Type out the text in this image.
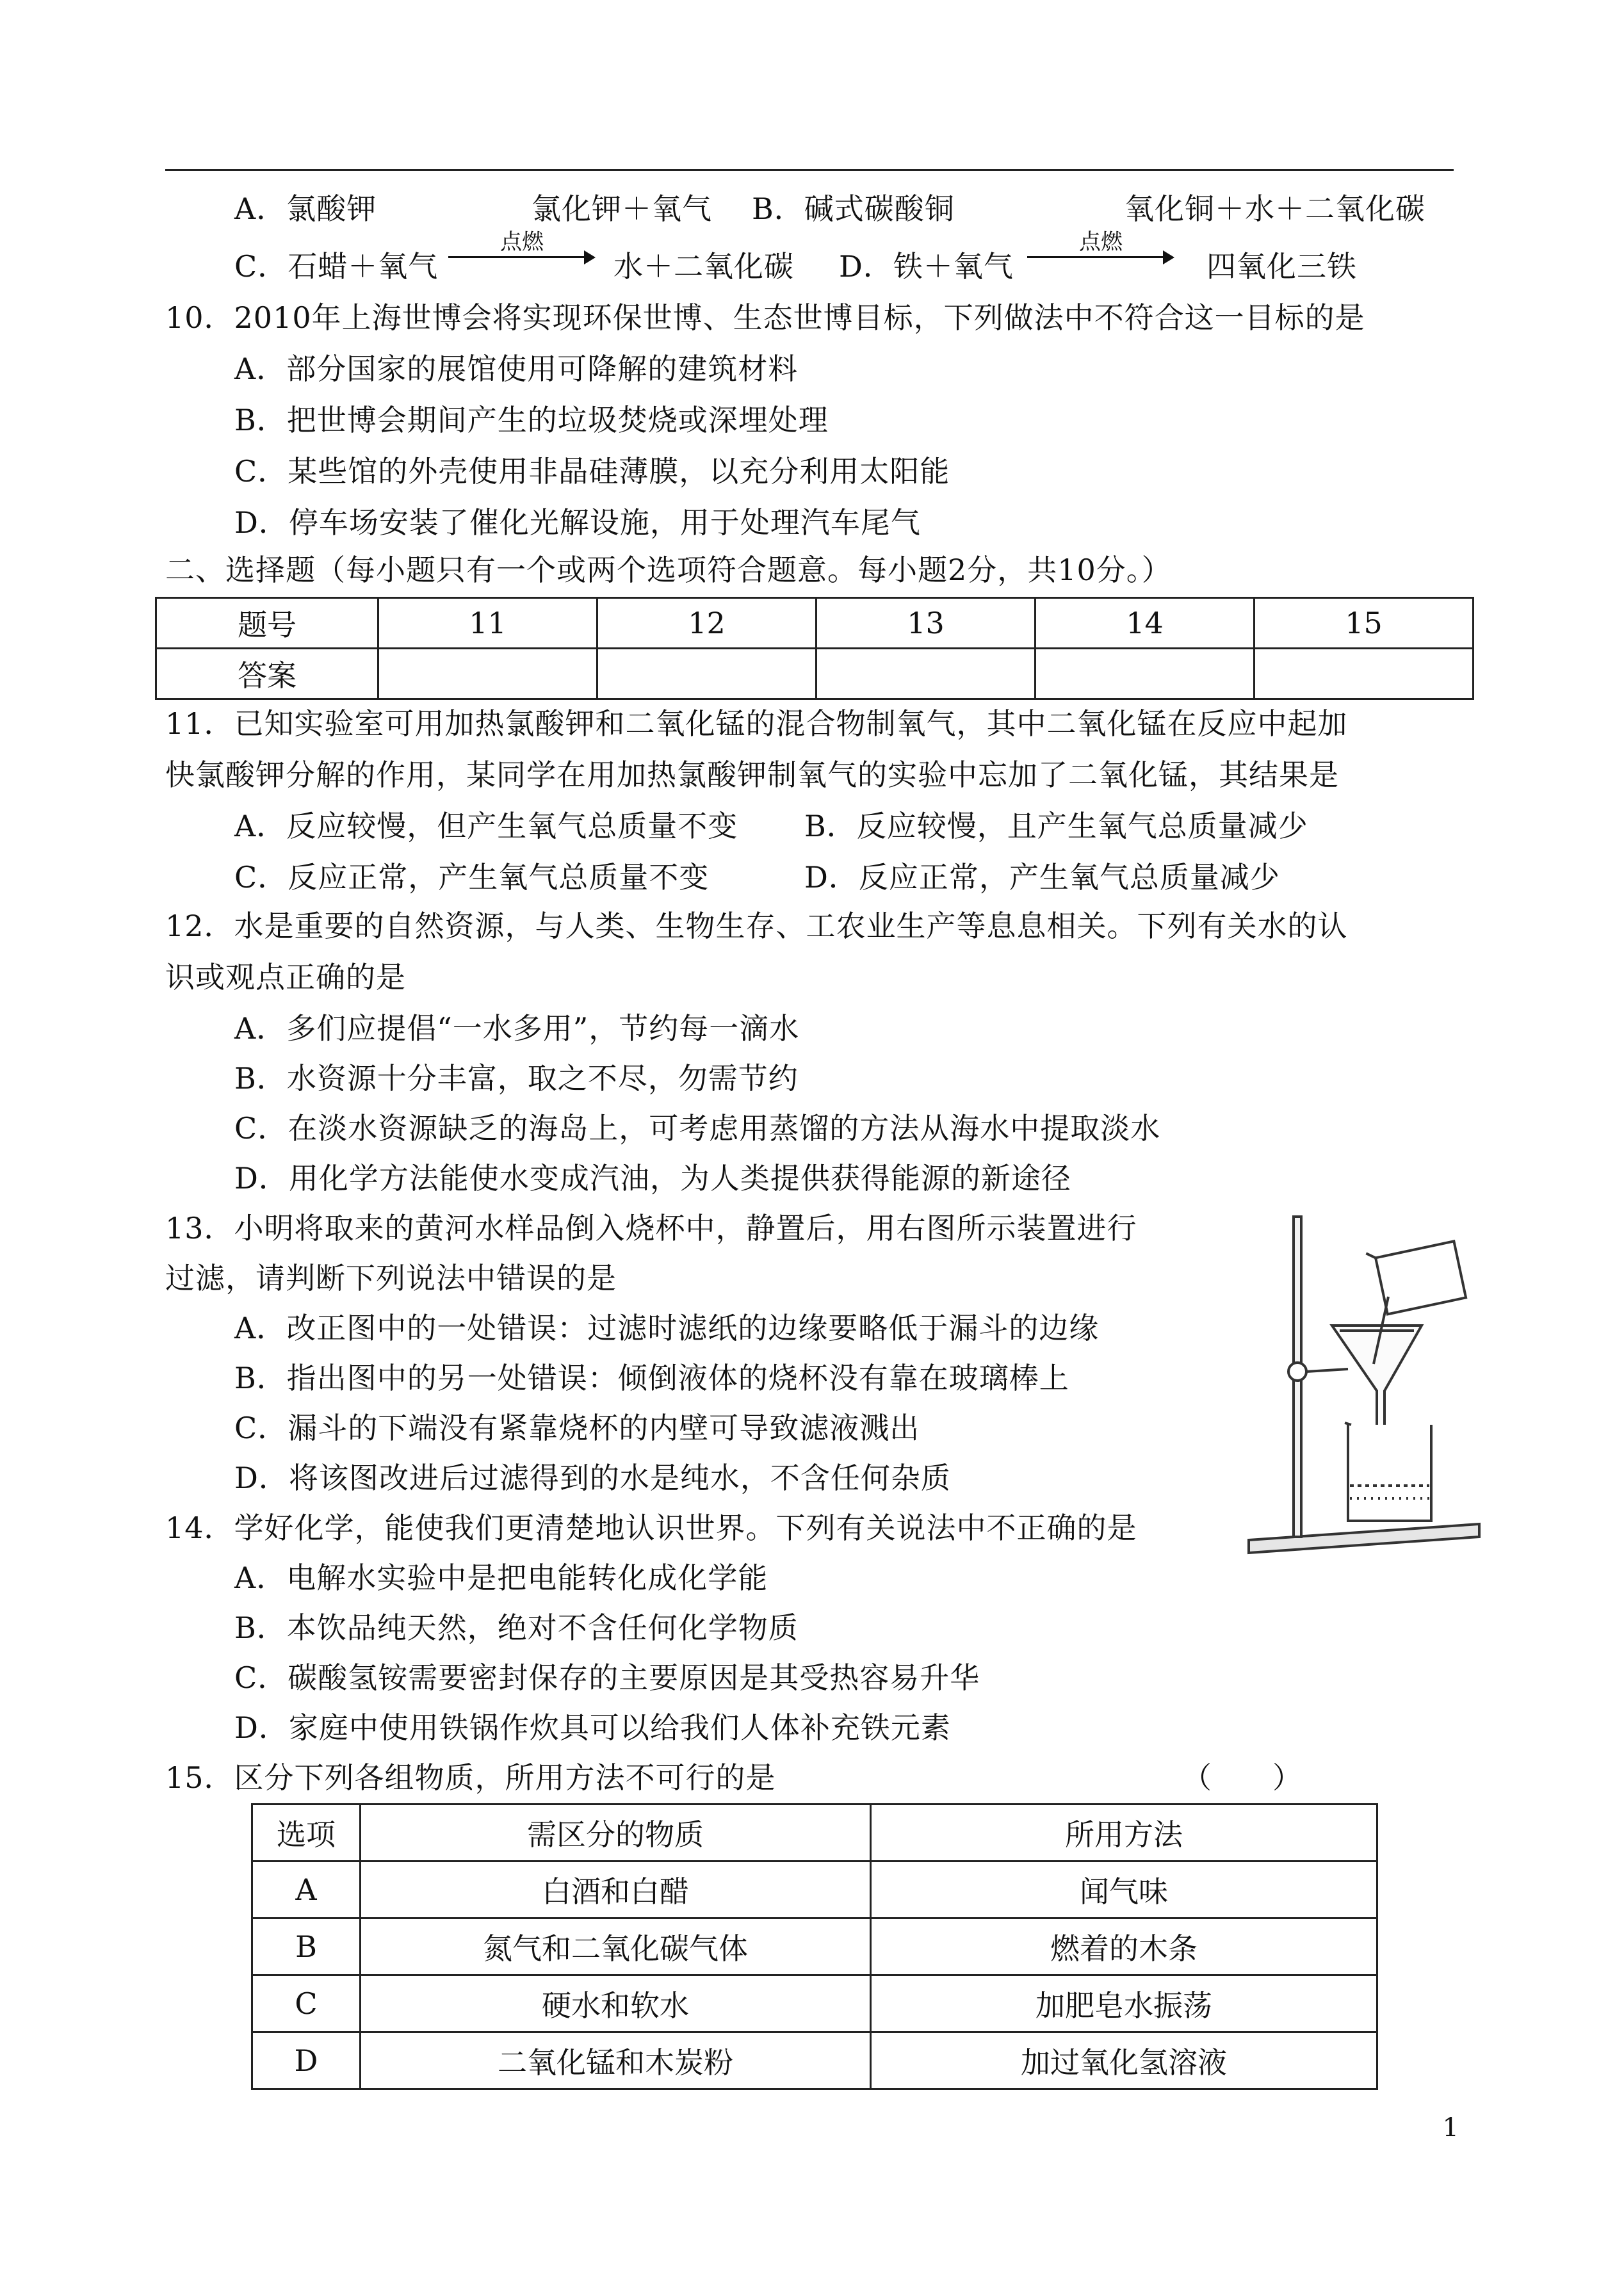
A．氯酸钾	氯化钾＋氧气 B．碱式碳酸铜	氧化铜＋水＋二氧化碳
C．石蜡＋氧气
点燃
水＋二氧化碳 D．铁＋氧气
点燃
四氧化三铁
10．2010年上海世博会将实现环保世博、生态世博目标，下列做法中不符合这一目标的是
A．部分国家的展馆使用可降解的建筑材料
B．把世博会期间产生的垃圾焚烧或深埋处理
C．某些馆的外壳使用非晶硅薄膜，以充分利用太阳能
D．停车场安装了催化光解设施，用于处理汽车尾气
二、选择题（每小题只有一个或两个选项符合题意。每小题2分，共10分。）
题号	11	12	13	14	15
答案					
11．已知实验室可用加热氯酸钾和二氧化锰的混合物制氧气，其中二氧化锰在反应中起加
快氯酸钾分解的作用，某同学在用加热氯酸钾制氧气的实验中忘加了二氧化锰，其结果是
A．反应较慢，但产生氧气总质量不变 B．反应较慢，且产生氧气总质量减少
C．反应正常，产生氧气总质量不变	D．反应正常，产生氧气总质量减少
12．水是重要的自然资源，与人类、生物生存、工农业生产等息息相关。下列有关水的认
识或观点正确的是
A．多们应提倡“一水多用”，节约每一滴水
B．水资源十分丰富，取之不尽，勿需节约
C．在淡水资源缺乏的海岛上，可考虑用蒸馏的方法从海水中提取淡水
D．用化学方法能使水变成汽油，为人类提供获得能源的新途径
13．小明将取来的黄河水样品倒入烧杯中，静置后，用右图所示装置进行
过滤，请判断下列说法中错误的是
A．改正图中的一处错误：过滤时滤纸的边缘要略低于漏斗的边缘
B．指出图中的另一处错误：倾倒液体的烧杯没有靠在玻璃棒上
C．漏斗的下端没有紧靠烧杯的内壁可导致滤液溅出
D．将该图改进后过滤得到的水是纯水，不含任何杂质
14．学好化学，能使我们更清楚地认识世界。下列有关说法中不正确的是
A．电解水实验中是把电能转化成化学能
B．本饮品纯天然，绝对不含任何化学物质
C．碳酸氢铵需要密封保存的主要原因是其受热容易升华
D．家庭中使用铁锅作炊具可以给我们人体补充铁元素
15．区分下列各组物质，所用方法不可行的是	（　　）
选项	需区分的物质	所用方法
A	白酒和白醋	闻气味
B	氮气和二氧化碳气体	燃着的木条
C	硬水和软水	加肥皂水振荡
D	二氧化锰和木炭粉	加过氧化氢溶液
1
